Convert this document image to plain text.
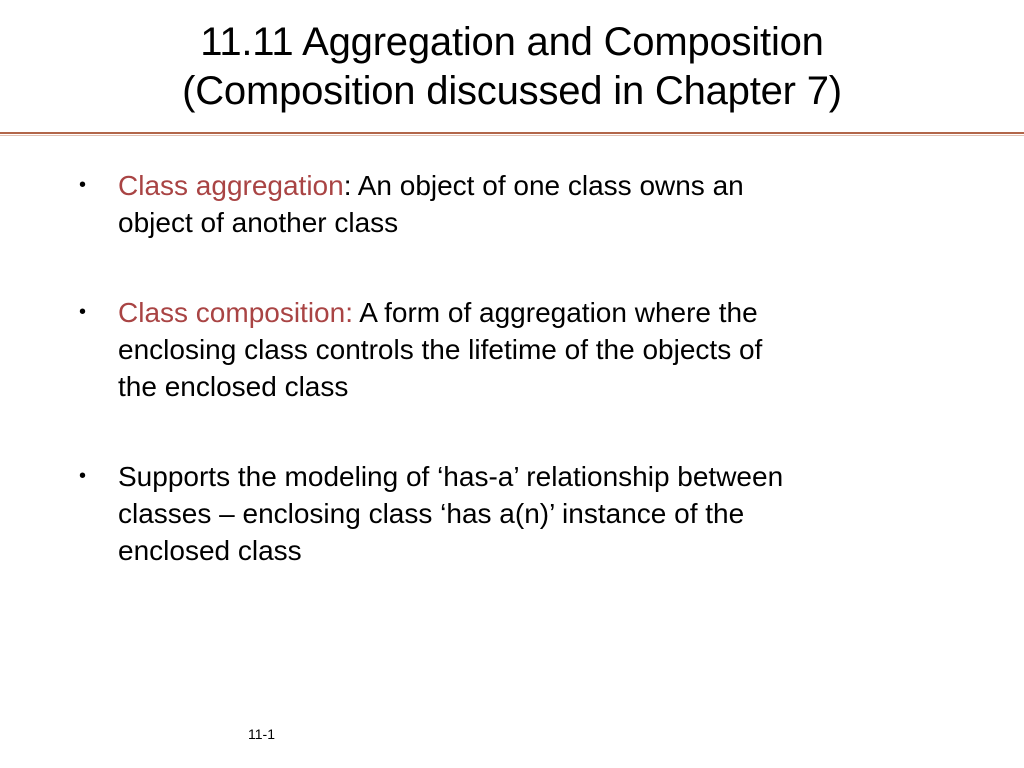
11.11 Aggregation and Composition
(Composition discussed in Chapter 7)
• Class aggregation: An object of one class owns an
object of another class
• Class composition: A form of aggregation where the
enclosing class controls the lifetime of the objects of
the enclosed class
• Supports the modeling of ‘has-a’ relationship between
classes – enclosing class ‘has a(n)’ instance of the
enclosed class
11-1
